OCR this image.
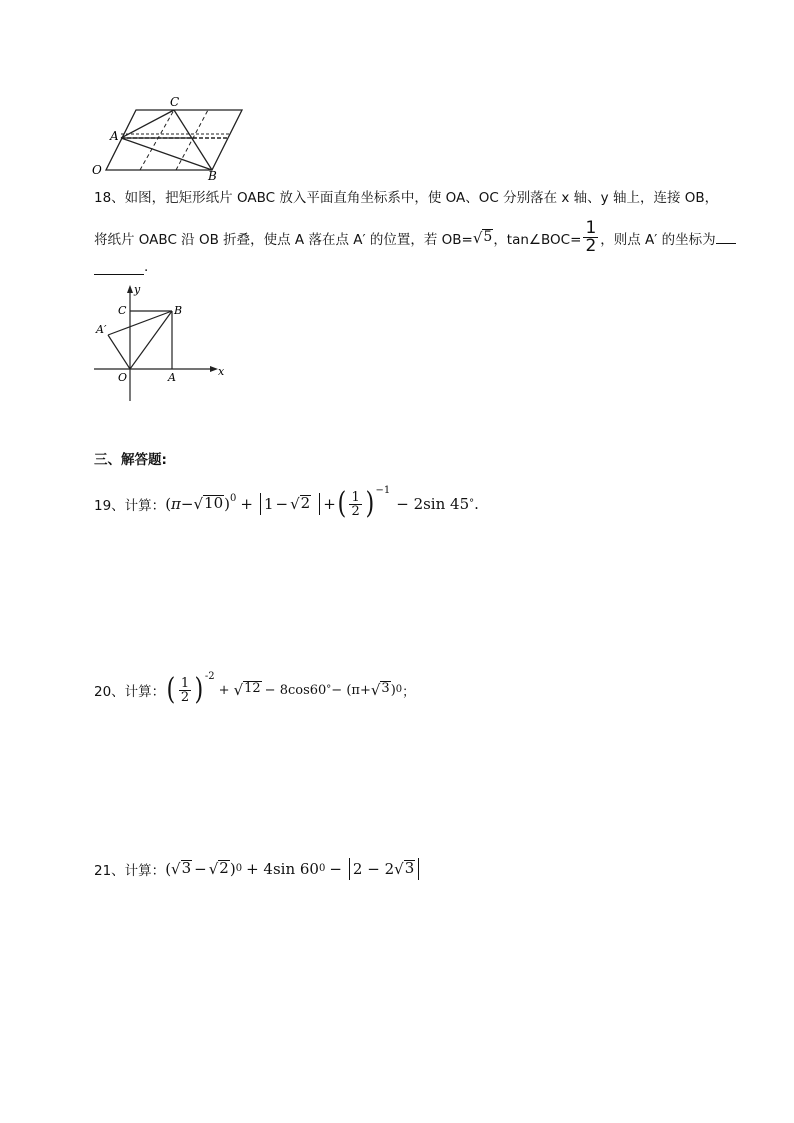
C
A
O	B
18、如图，把矩形纸片 OABC 放入平面直角坐标系中，使 OA、OC 分别落在 x 轴、y 轴上，连接 OB，
将纸片 OABC 沿 OB 折叠，使点 A 落在点 A′ 的位置，若 OB= √ 5 ，tan∠BOC= $\frac{1}{2}$ ，则点 A′ 的坐标为
.
y
C	B
A′
O	A	x
三、解答题:
19、计算： ( π − √ 10 ) 0 + 1 − √ 2 + ( $\frac{1}{2}$ ) −1
− 2sin 45 ° .
20、计算： ( $\frac{1}{2}$ ) -2
+ √ 12 − 8cos60 ° − (π+ √ 3 ) 0 ；
21、计算： ( √ 3 − √ 2 ) 0 + 4sin 60 0 − 2 − 2 √ 3
